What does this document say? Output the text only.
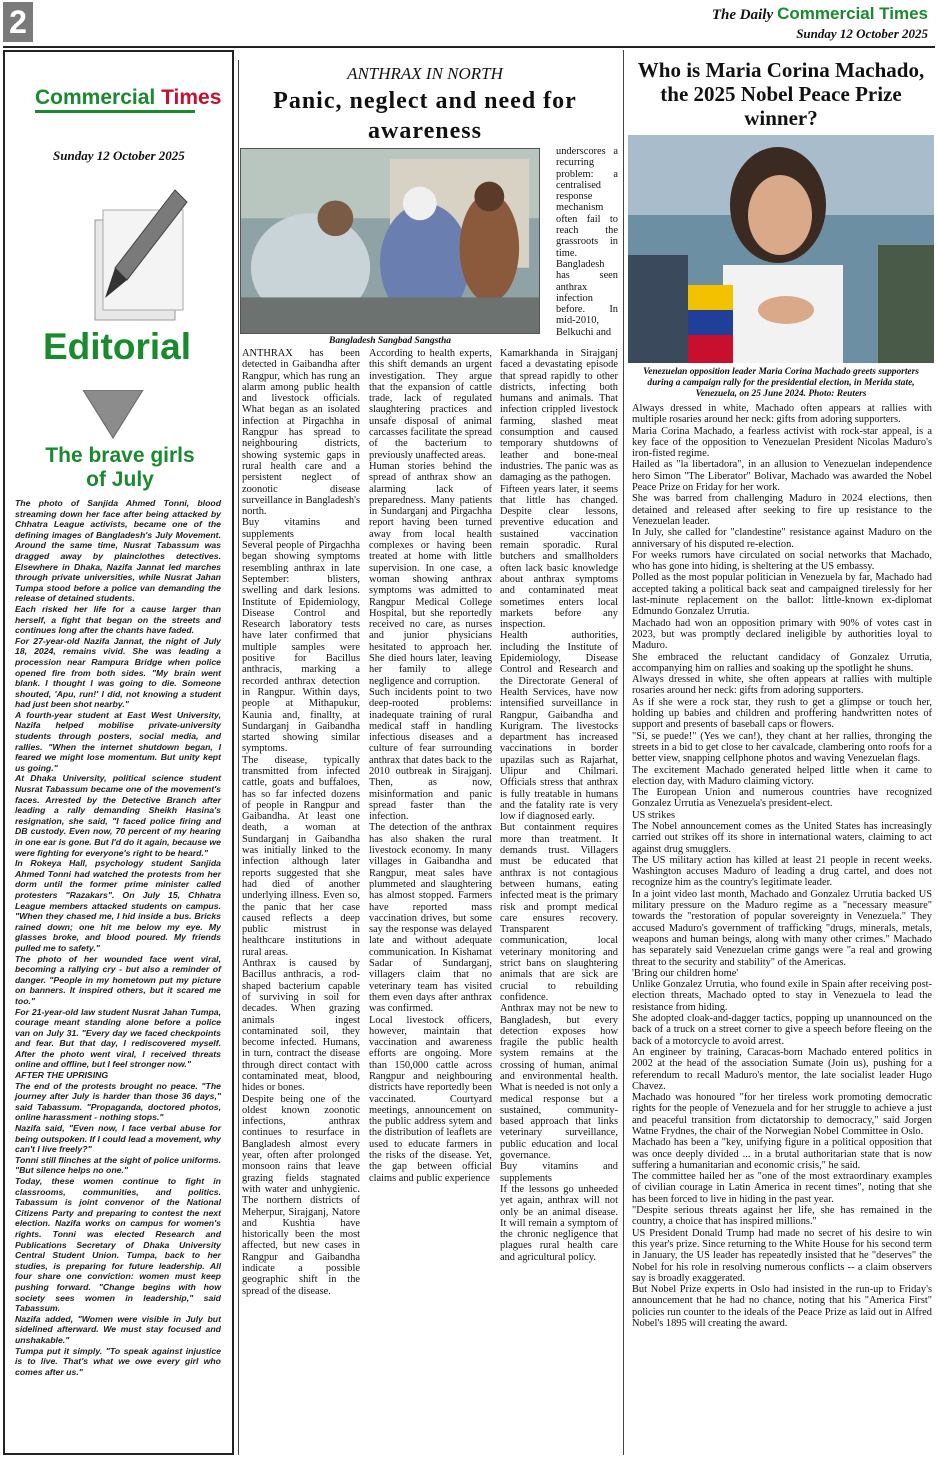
2	The Daily Commercial Times
Sunday 12 October 2025
Commercial Times
Sunday 12 October 2025
Editorial
The brave girls of July

The photo of Sanjida Ahmed Tonni, blood streaming down her face after being attacked by Chhatra League activists, became one of the defining images of Bangladesh's July Movement. Around the same time, Nusrat Tabassum was dragged away by plainclothes detectives. Elsewhere in Dhaka, Nazifa Jannat led marches through private universities, while Nusrat Jahan Tumpa stood before a police van demanding the release of detained students.

Each risked her life for a cause larger than herself, a fight that began on the streets and continues long after the chants have faded.

For 27-year-old Nazifa Jannat, the night of July 18, 2024, remains vivid. She was leading a procession near Rampura Bridge when police opened fire from both sides. "My brain went blank. I thought I was going to die. Someone shouted, 'Apu, run!' I did, not knowing a student had just been shot nearby."

A fourth-year student at East West University, Nazifa helped mobilise private-university students through posters, social media, and rallies. "When the internet shutdown began, I feared we might lose momentum. But unity kept us going."

At Dhaka University, political science student Nusrat Tabassum became one of the movement's faces. Arrested by the Detective Branch after leading a rally demanding Sheikh Hasina's resignation, she said, "I faced police firing and DB custody. Even now, 70 percent of my hearing in one ear is gone. But I'd do it again, because we were fighting for everyone's right to be heard."

In Rokeya Hall, psychology student Sanjida Ahmed Tonni had watched the protests from her dorm until the former prime minister called protesters "Razakars". On July 15, Chhatra League members attacked students on campus. "When they chased me, I hid inside a bus. Bricks rained down; one hit me below my eye. My glasses broke, and blood poured. My friends pulled me to safety."

The photo of her wounded face went viral, becoming a rallying cry - but also a reminder of danger. "People in my hometown put my picture on banners. It inspired others, but it scared me too."

For 21-year-old law student Nusrat Jahan Tumpa, courage meant standing alone before a police van on July 31. "Every day we faced checkpoints and fear. But that day, I rediscovered myself. After the photo went viral, I received threats online and offline, but I feel stronger now."

AFTER THE UPRISING

The end of the protests brought no peace. "The journey after July is harder than those 36 days," said Tabassum. "Propaganda, doctored photos, online harassment - nothing stops."

Nazifa said, "Even now, I face verbal abuse for being outspoken. If I could lead a movement, why can't I live freely?"

Tonni still flinches at the sight of police uniforms. "But silence helps no one."

Today, these women continue to fight in classrooms, communities, and politics. Tabassum is joint convenor of the National Citizens Party and preparing to contest the next election. Nazifa works on campus for women's rights. Tonni was elected Research and Publications Secretary of Dhaka University Central Student Union. Tumpa, back to her studies, is preparing for future leadership. All four share one conviction: women must keep pushing forward. "Change begins with how society sees women in leadership," said Tabassum.

Nazifa added, "Women were visible in July but sidelined afterward. We must stay focused and unshakable."

Tumpa put it simply. "To speak against injustice is to live. That's what we owe every girl who comes after us."

ANTHRAX IN NORTH
Panic, neglect and need for awareness
Bangladesh Sangbad Sangstha
underscores a recurring problem: a centralised response mechanism often fail to reach the grassroots in time. Bangladesh has seen anthrax infection before. In mid-2010, Belkuchi and

ANTHRAX has been detected in Gaibandha after Rangpur, which has rung an alarm among public health and livestock officials. What began as an isolated infection at Pirgachha in Rangpur has spread to neighbouring districts, showing systemic gaps in rural health care and a persistent neglect of zoonotic disease surveillance in Bangladesh's north.

Buy vitamins and supplements

Several people of Pirgachha began showing symptoms resembling anthrax in late September: blisters, swelling and dark lesions. Institute of Epidemiology, Disease Control and Research laboratory tests have later confirmed that multiple samples were positive for Bacillus anthracis, marking a recorded anthrax detection in Rangpur. Within days, people at Mithapukur, Kaunia and, finallty, at Sundarganj in Gaibandha started showing similar symptoms.

The disease, typically transmitted from infected cattle, goats and buffaloes, has so far infected dozens of people in Rangpur and Gaibandha. At least one death, a woman at Sundarganj in Gaibandha was initially linked to the infection although later reports suggested that she had died of another underlying illness. Even so, the panic that her case caused reflects a deep public mistrust in healthcare institutions in rural areas.

Anthrax is caused by Bacillus anthracis, a rod-shaped bacterium capable of surviving in soil for decades. When grazing animals ingest contaminated soil, they become infected. Humans, in turn, contract the disease through direct contact with contaminated meat, blood, hides or bones.

Despite being one of the oldest known zoonotic infections, anthrax continues to resurface in Bangladesh almost every year, often after prolonged monsoon rains that leave grazing fields stagnated with water and unhygienic. The northern districts of Meherpur, Sirajganj, Natore and Kushtia have historically been the most affected, but new cases in Rangpur and Gaibandha indicate a possible geographic shift in the spread of the disease.

According to health experts, this shift demands an urgent investigation. They argue that the expansion of cattle trade, lack of regulated slaughtering practices and unsafe disposal of animal carcasses facilitate the spread of the bacterium to previously unaffected areas.

Human stories behind the spread of anthrax show an alarming lack of preparedness. Many patients in Sundarganj and Pirgachha report having been turned away from local health complexes or having been treated at home with little supervision. In one case, a woman showing anthrax symptoms was admitted to Rangpur Medical College Hospital, but she reportedly received no care, as nurses and junior physicians hesitated to approach her. She died hours later, leaving her family to allege negligence and corruption.

Such incidents point to two deep-rooted problems: inadequate training of rural medical staff in handling infectious diseases and a culture of fear surrounding anthrax that dates back to the 2010 outbreak in Sirajganj. Then, as now, misinformation and panic spread faster than the infection.

The detection of the anthrax has also shaken the rural livestock economy. In many villages in Gaibandha and Rangpur, meat sales have plummeted and slaughtering has almost stopped. Farmers have reported mass vaccination drives, but some say the response was delayed late and without adequate communication. In Kishamat Sadar of Sundarganj, villagers claim that no veterinary team has visited them even days after anthrax was confirmed.

Local livestock officers, however, maintain that vaccination and awareness efforts are ongoing. More than 150,000 cattle across Rangpur and neighbouring districts have reportedly been vaccinated. Courtyard meetings, announcement on the public address sytem and the distribution of leaflets are used to educate farmers in the risks of the disease. Yet, the gap between official claims and public experience

Kamarkhanda in Sirajganj faced a devastating episode that spread rapidly to other districts, infecting both humans and animals. That infection crippled livestock farming, slashed meat consumption and caused temporary shutdowns of leather and bone-meal industries. The panic was as damaging as the pathogen.

Fifteen years later, it seems that little has changed. Despite clear lessons, preventive education and sustained vaccination remain sporadic. Rural butchers and smallholders often lack basic knowledge about anthrax symptoms and contaminated meat sometimes enters local markets before any inspection.

Health authorities, including the Institute of Epidemiology, Disease Control and Research and the Directorate General of Health Services, have now intensified surveillance in Rangpur, Gaibandha and Kurigram. The livestocks department has increased vaccinations in border upazilas such as Rajarhat, Ulipur and Chilmari. Officials stress that anthrax is fully treatable in humans and the fatality rate is very low if diagnosed early.

But containment requires more than treatment. It demands trust. Villagers must be educated that anthrax is not contagious between humans, eating infected meat is the primary risk and prompt medical care ensures recovery. Transparent communication, local veterinary monitoring and strict bans on slaughtering animals that are sick are crucial to rebuilding confidence.

Anthrax may not be new to Bangladesh, but every detection exposes how fragile the public health system remains at the crossing of human, animal and environmental health. What is needed is not only a medical response but a sustained, community-based approach that links veterinary surveillance, public education and local governance.

Buy vitamins and supplements

If the lessons go unheeded yet again, anthrax will not only be an animal disease. It will remain a symptom of the chronic negligence that plagues rural health care and agricultural policy.

Who is Maria Corina Machado, the 2025 Nobel Peace Prize winner?
Venezuelan opposition leader Maria Corina Machado greets supporters during a campaign rally for the presidential election, in Merida state, Venezuela, on 25 June 2024. Photo: Reuters

Always dressed in white, Machado often appears at rallies with multiple rosaries around her neck: gifts from adoring supporters.

Maria Corina Machado, a fearless activist with rock-star appeal, is a key face of the opposition to Venezuelan President Nicolas Maduro's iron-fisted regime.

Hailed as "la libertadora", in an allusion to Venezuelan independence hero Simon "The Liberator" Bolivar, Machado was awarded the Nobel Peace Prize on Friday for her work.

She was barred from challenging Maduro in 2024 elections, then detained and released after seeking to fire up resistance to the Venezuelan leader.

In July, she called for "clandestine" resistance against Maduro on the anniversary of his disputed re-election.

For weeks rumors have circulated on social networks that Machado, who has gone into hiding, is sheltering at the US embassy.

Polled as the most popular politician in Venezuela by far, Machado had accepted taking a political back seat and campaigned tirelessly for her last-minute replacement on the ballot: little-known ex-diplomat Edmundo Gonzalez Urrutia.

Machado had won an opposition primary with 90% of votes cast in 2023, but was promptly declared ineligible by authorities loyal to Maduro.

She embraced the reluctant candidacy of Gonzalez Urrutia, accompanying him on rallies and soaking up the spotlight he shuns.

Always dressed in white, she often appears at rallies with multiple rosaries around her neck: gifts from adoring supporters.

As if she were a rock star, they rush to get a glimpse or touch her, holding up babies and children and proffering handwritten notes of support and presents of baseball caps or flowers.

"Si, se puede!" (Yes we can!), they chant at her rallies, thronging the streets in a bid to get close to her cavalcade, clambering onto roofs for a better view, snapping cellphone photos and waving Venezuelan flags.

The excitement Machado generated helped little when it came to election day, with Maduro claiming victory.

The European Union and numerous countries have recognized Gonzalez Urrutia as Venezuela's president-elect.

US strikes

The Nobel announcement comes as the United States has increasingly carried out strikes off its shore in international waters, claiming to act against drug smugglers.

The US military action has killed at least 21 people in recent weeks. Washington accuses Maduro of leading a drug cartel, and does not recognize him as the country's legitimate leader.

In a joint video last month, Machado and Gonzalez Urrutia backed US military pressure on the Maduro regime as a "necessary measure" towards the "restoration of popular sovereignty in Venezuela." They accused Maduro's government of trafficking "drugs, minerals, metals, weapons and human beings, along with many other crimes." Machado has separately said Venezuelan crime gangs were "a real and growing threat to the security and stability" of the Americas.

'Bring our children home'

Unlike Gonzalez Urrutia, who found exile in Spain after receiving post-election threats, Machado opted to stay in Venezuela to lead the resistance from hiding.

She adopted cloak-and-dagger tactics, popping up unannounced on the back of a truck on a street corner to give a speech before fleeing on the back of a motorcycle to avoid arrest.

An engineer by training, Caracas-born Machado entered politics in 2002 at the head of the association Sumate (Join us), pushing for a referendum to recall Maduro's mentor, the late socialist leader Hugo Chavez.

Machado was honoured "for her tireless work promoting democratic rights for the people of Venezuela and for her struggle to achieve a just and peaceful transition from dictatorship to democracy," said Jorgen Watne Frydnes, the chair of the Norwegian Nobel Committee in Oslo.

Machado has been a "key, unifying figure in a political opposition that was once deeply divided ... in a brutal authoritarian state that is now suffering a humanitarian and economic crisis," he said.

The committee hailed her as "one of the most extraordinary examples of civilian courage in Latin America in recent times", noting that she has been forced to live in hiding in the past year.

"Despite serious threats against her life, she has remained in the country, a choice that has inspired millions."

US President Donald Trump had made no secret of his desire to win this year's prize. Since returning to the White House for his second term in January, the US leader has repeatedly insisted that he "deserves" the Nobel for his role in resolving numerous conflicts -- a claim observers say is broadly exaggerated.

But Nobel Prize experts in Oslo had insisted in the run-up to Friday's announcement that he had no chance, noting that his "America First" policies run counter to the ideals of the Peace Prize as laid out in Alfred Nobel's 1895 will creating the award.
